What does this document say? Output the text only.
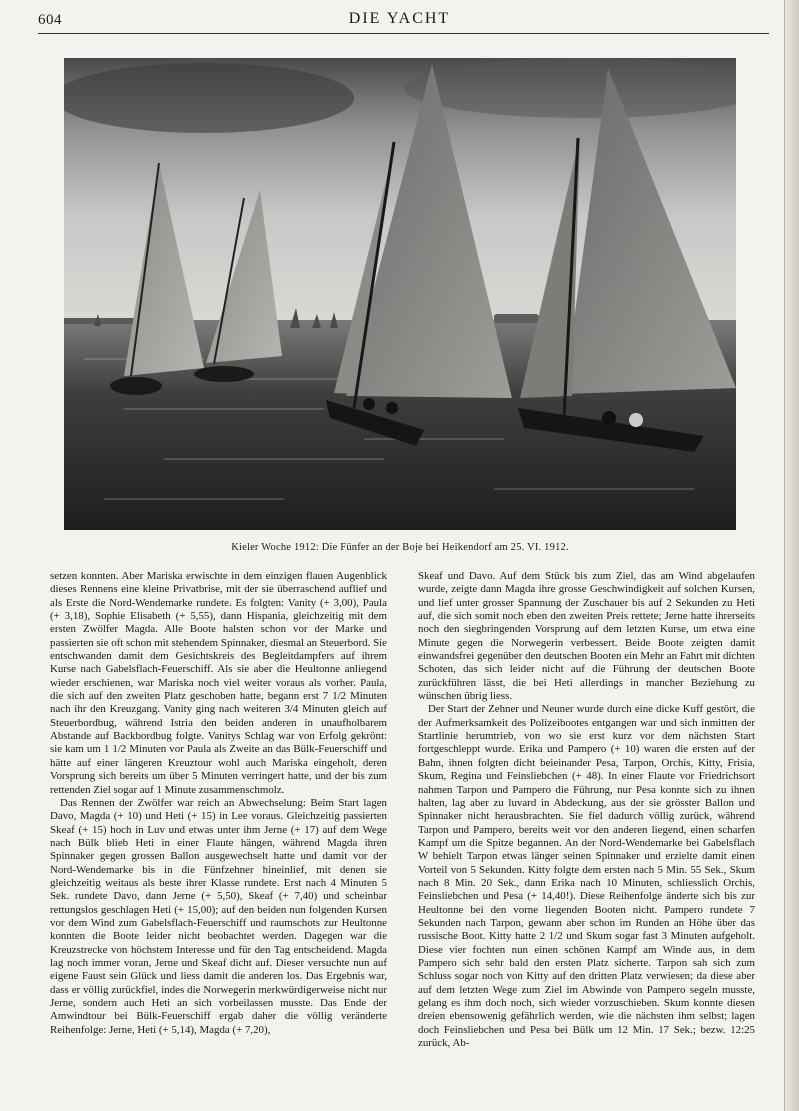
604	DIE YACHT
Kieler Woche 1912: Die Fünfer an der Boje bei Heikendorf am 25. VI. 1912.

setzen konnten. Aber Mariska erwischte in dem einzigen flauen Augenblick dieses Rennens eine kleine Privatbrise, mit der sie überraschend auflief und als Erste die Nord-Wendemarke rundete. Es folgten: Vanity (+ 3,00), Paula (+ 3,18), Sophie Elisabeth (+ 5,55), dann Hispania, gleichzeitig mit dem ersten Zwölfer Magda. Alle Boote halsten schon vor der Marke und passierten sie oft schon mit stehendem Spinnaker, diesmal an Steuerbord. Sie entschwanden damit dem Gesichtskreis des Begleitdampfers auf ihrem Kurse nach Gabelsflach-Feuerschiff. Als sie aber die Heultonne anliegend wieder erschienen, war Mariska noch viel weiter voraus als vorher. Paula, die sich auf den zweiten Platz geschoben hatte, begann erst 7 1/2 Minuten nach ihr den Kreuzgang. Vanity ging nach weiteren 3/4 Minuten gleich auf Steuerbordbug, während Istria den beiden anderen in unaufholbarem Abstande auf Backbordbug folgte. Vanitys Schlag war von Erfolg gekrönt: sie kam um 1 1/2 Minuten vor Paula als Zweite an das Bülk-Feuerschiff und hätte auf einer längeren Kreuztour wohl auch Mariska eingeholt, deren Vorsprung sich bereits um über 5 Minuten verringert hatte, und der bis zum rettenden Ziel sogar auf 1 Minute zusammenschmolz.

Das Rennen der Zwölfer war reich an Abwechselung: Beim Start lagen Davo, Magda (+ 10) und Heti (+ 15) in Lee voraus. Gleichzeitig passierten Skeaf (+ 15) hoch in Luv und etwas unter ihm Jerne (+ 17) auf dem Wege nach Bülk blieb Heti in einer Flaute hängen, während Magda ihren Spinnaker gegen grossen Ballon ausgewechselt hatte und damit vor der Nord-Wendemarke bis in die Fünfzehner hineinlief, mit denen sie gleichzeitig weitaus als beste ihrer Klasse rundete. Erst nach 4 Minuten 5 Sek. rundete Davo, dann Jerne (+ 5,50), Skeaf (+ 7,40) und scheinbar rettungslos geschlagen Heti (+ 15,00); auf den beiden nun folgenden Kursen vor dem Wind zum Gabelsflach-Feuerschiff und raumschots zur Heultonne konnten die Boote leider nicht beobachtet werden. Dagegen war die Kreuzstrecke von höchstem Interesse und für den Tag entscheidend. Magda lag noch immer voran, Jerne und Skeaf dicht auf. Dieser versuchte nun auf eigene Faust sein Glück und liess damit die anderen los. Das Ergebnis war, dass er völlig zurückfiel, indes die Norwegerin merkwürdigerweise nicht nur Jerne, sondern auch Heti an sich vorbeilassen musste. Das Ende der Amwindtour bei Bülk-Feuerschiff ergab daher die völlig veränderte Reihenfolge: Jerne, Heti (+ 5,14), Magda (+ 7,20),

Skeaf und Davo. Auf dem Stück bis zum Ziel, das am Wind abgelaufen wurde, zeigte dann Magda ihre grosse Geschwindigkeit auf solchen Kursen, und lief unter grosser Spannung der Zuschauer bis auf 2 Sekunden zu Heti auf, die sich somit noch eben den zweiten Preis rettete; Jerne hatte ihrerseits noch den siegbringenden Vorsprung auf dem letzten Kurse, um etwa eine Minute gegen die Norwegerin verbessert. Beide Boote zeigten damit einwandsfrei gegenüber den deutschen Booten ein Mehr an Fahrt mit dichten Schoten, das sich leider nicht auf die Führung der deutschen Boote zurückführen lässt, die bei Heti allerdings in mancher Beziehung zu wünschen übrig liess.

Der Start der Zehner und Neuner wurde durch eine dicke Kuff gestört, die der Aufmerksamkeit des Polizeibootes entgangen war und sich inmitten der Startlinie herumtrieb, von wo sie erst kurz vor dem nächsten Start fortgeschleppt wurde. Erika und Pampero (+ 10) waren die ersten auf der Bahn, ihnen folgten dicht beieinander Pesa, Tarpon, Orchis, Kitty, Frisia, Skum, Regina und Feinsliebchen (+ 48). In einer Flaute vor Friedrichsort nahmen Tarpon und Pampero die Führung, nur Pesa konnte sich zu ihnen halten, lag aber zu luvard in Abdeckung, aus der sie grösster Ballon und Spinnaker nicht herausbrachten. Sie fiel dadurch völlig zurück, während Tarpon und Pampero, bereits weit vor den anderen liegend, einen scharfen Kampf um die Spitze begannen. An der Nord-Wendemarke bei Gabelsflach W behielt Tarpon etwas länger seinen Spinnaker und erzielte damit einen Vorteil von 5 Sekunden. Kitty folgte dem ersten nach 5 Min. 55 Sek., Skum nach 8 Min. 20 Sek., dann Erika nach 10 Minuten, schliesslich Orchis, Feinsliebchen und Pesa (+ 14,40!). Diese Reihenfolge änderte sich bis zur Heultonne bei den vorne liegenden Booten nicht. Pampero rundete 7 Sekunden nach Tarpon, gewann aber schon im Runden an Höhe über das russische Boot. Kitty hatte 2 1/2 und Skum sogar fast 3 Minuten aufgeholt. Diese vier fochten nun einen schönen Kampf am Winde aus, in dem Pampero sich sehr bald den ersten Platz sicherte. Tarpon sah sich zum Schluss sogar noch von Kitty auf den dritten Platz verwiesen; da diese aber auf dem letzten Wege zum Ziel im Abwinde von Pampero segeln musste, gelang es ihm doch noch, sich wieder vorzuschieben. Skum konnte diesen dreien ebensowenig gefährlich werden, wie die nächsten ihm selbst; lagen doch Feinsliebchen und Pesa bei Bülk um 12 Min. 17 Sek.; bezw. 12:25 zurück, Ab-
